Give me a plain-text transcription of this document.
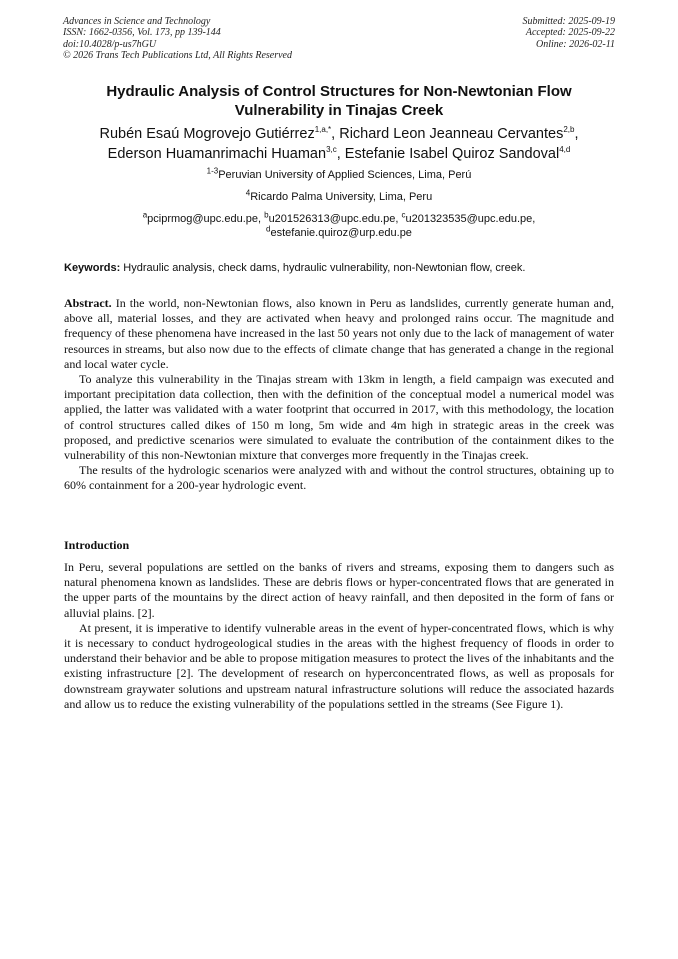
Advances in Science and Technology
ISSN: 1662-0356, Vol. 173, pp 139-144
doi:10.4028/p-us7hGU
© 2026 Trans Tech Publications Ltd, All Rights Reserved
Submitted: 2025-09-19
Accepted: 2025-09-22
Online: 2026-02-11
Hydraulic Analysis of Control Structures for Non-Newtonian Flow
Vulnerability in Tinajas Creek
Rubén Esaú Mogrovejo Gutiérrez$^{1,a,*}$, Richard Leon Jeanneau Cervantes$^{2,b}$,
Ederson Huamanrimachi Huaman$^{3,c}$, Estefanie Isabel Quiroz Sandoval$^{4,d}$
$^{1-3}$Peruvian University of Applied Sciences, Lima, Perú
$^4$Ricardo Palma University, Lima, Peru
$^a$pciprmog@upc.edu.pe, $^b$u201526313@upc.edu.pe, $^c$u201323535@upc.edu.pe,
$^d$estefanie.quiroz@urp.edu.pe
Keywords: Hydraulic analysis, check dams, hydraulic vulnerability, non-Newtonian flow, creek.

Abstract. In the world, non-Newtonian flows, also known in Peru as landslides, currently generate human and, above all, material losses, and they are activated when heavy and prolonged rains occur. The magnitude and frequency of these phenomena have increased in the last 50 years not only due to the lack of management of water resources in streams, but also now due to the effects of climate change that has generated a change in the regional and local water cycle.

To analyze this vulnerability in the Tinajas stream with 13km in length, a field campaign was executed and important precipitation data collection, then with the definition of the conceptual model a numerical model was applied, the latter was validated with a water footprint that occurred in 2017, with this methodology, the location of control structures called dikes of 150 m long, 5m wide and 4m high in strategic areas in the creek was proposed, and predictive scenarios were simulated to evaluate the contribution of the containment dikes to the vulnerability of this non-Newtonian mixture that converges more frequently in the Tinajas creek.

The results of the hydrologic scenarios were analyzed with and without the control structures, obtaining up to 60% containment for a 200-year hydrologic event.

Introduction

In Peru, several populations are settled on the banks of rivers and streams, exposing them to dangers such as natural phenomena known as landslides. These are debris flows or hyper-concentrated flows that are generated in the upper parts of the mountains by the direct action of heavy rainfall, and then deposited in the form of fans or alluvial plains. [2].

At present, it is imperative to identify vulnerable areas in the event of hyper-concentrated flows, which is why it is necessary to conduct hydrogeological studies in the areas with the highest frequency of floods in order to understand their behavior and be able to propose mitigation measures to protect the lives of the inhabitants and the existing infrastructure [2]. The development of research on hyperconcentrated flows, as well as proposals for downstream graywater solutions and upstream natural infrastructure solutions will reduce the associated hazards and allow us to reduce the existing vulnerability of the populations settled in the streams (See Figure 1).
